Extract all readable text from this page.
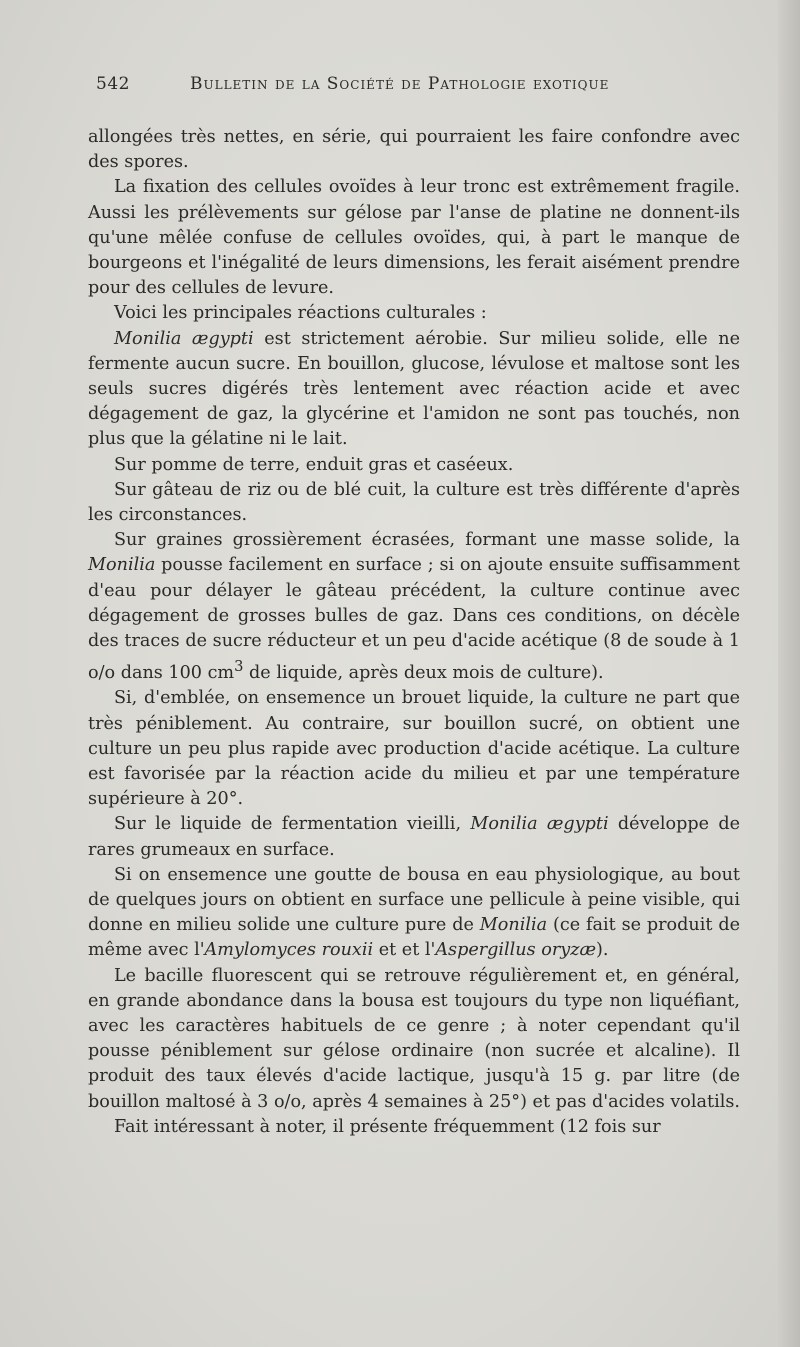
542	Bulletin de la Société de Pathologie exotique

allongées très nettes, en série, qui pourraient les faire confondre avec des spores.

La fixation des cellules ovoïdes à leur tronc est extrêmement fragile. Aussi les prélèvements sur gélose par l'anse de platine ne donnent-ils qu'une mêlée confuse de cellules ovoïdes, qui, à part le manque de bourgeons et l'inégalité de leurs dimensions, les ferait aisément prendre pour des cellules de levure.

Voici les principales réactions culturales :

Monilia ægypti est strictement aérobie. Sur milieu solide, elle ne fermente aucun sucre. En bouillon, glucose, lévulose et maltose sont les seuls sucres digérés très lentement avec réaction acide et avec dégagement de gaz, la glycérine et l'amidon ne sont pas touchés, non plus que la gélatine ni le lait.

Sur pomme de terre, enduit gras et caséeux.

Sur gâteau de riz ou de blé cuit, la culture est très différente d'après les circonstances.

Sur graines grossièrement écrasées, formant une masse solide, la Monilia pousse facilement en surface ; si on ajoute ensuite suffisamment d'eau pour délayer le gâteau précédent, la culture continue avec dégagement de grosses bulles de gaz. Dans ces conditions, on décèle des traces de sucre réducteur et un peu d'acide acétique (8 de soude à 1 o/o dans 100 $cm^3$ de liquide, après deux mois de culture).

Si, d'emblée, on ensemence un brouet liquide, la culture ne part que très péniblement. Au contraire, sur bouillon sucré, on obtient une culture un peu plus rapide avec production d'acide acétique. La culture est favorisée par la réaction acide du milieu et par une température supérieure à 20°.

Sur le liquide de fermentation vieilli, Monilia ægypti développe de rares grumeaux en surface.

Si on ensemence une goutte de bousa en eau physiologique, au bout de quelques jours on obtient en surface une pellicule à peine visible, qui donne en milieu solide une culture pure de Monilia (ce fait se produit de même avec l'Amylomyces rouxii et et l'Aspergillus oryzæ).

Le bacille fluorescent qui se retrouve régulièrement et, en général, en grande abondance dans la bousa est toujours du type non liquéfiant, avec les caractères habituels de ce genre ; à noter cependant qu'il pousse péniblement sur gélose ordinaire (non sucrée et alcaline). Il produit des taux élevés d'acide lactique, jusqu'à 15 g. par litre (de bouillon maltosé à 3 o/o, après 4 semaines à 25°) et pas d'acides volatils.

Fait intéressant à noter, il présente fréquemment (12 fois sur
